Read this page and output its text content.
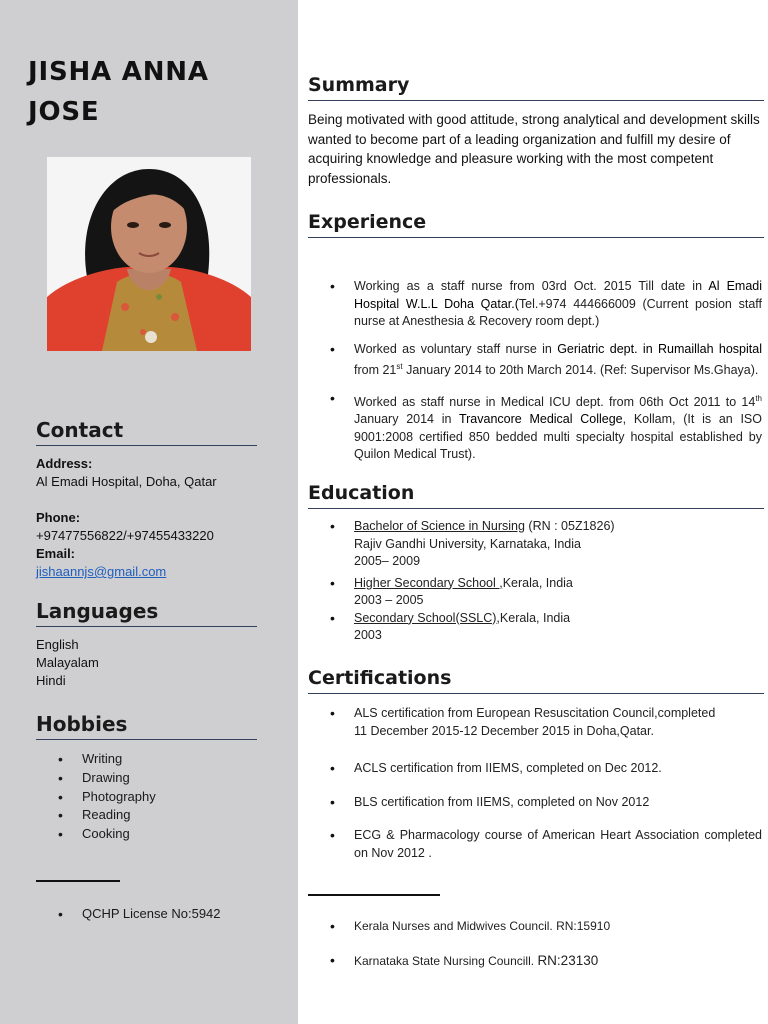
JISHA ANNA JOSE
Contact
Address:
Al Emadi Hospital, Doha, Qatar
Phone:
+97477556822/+97455433220
Email:
jishaannjs@gmail.com
Languages
English
Malayalam
Hindi
Hobbies
• Writing
• Drawing
• Photography
• Reading
• Cooking
• QCHP License No:5942
Summary
Being motivated with good attitude, strong analytical and development skills wanted to become part of a leading organization and fulfill my desire of acquiring knowledge and pleasure working with the most competent professionals.
Experience
• Working as a staff nurse from 03rd Oct. 2015 Till date in Al Emadi Hospital W.L.L Doha Qatar.(Tel.+974 444666009 (Current posion staff nurse at Anesthesia & Recovery room dept.)
• Worked as voluntary staff nurse in Geriatric dept. in Rumaillah hospital from 21st January 2014 to 20th March 2014. (Ref: Supervisor Ms.Ghaya).
• Worked as staff nurse in Medical ICU dept. from 06th Oct 2011 to 14th January 2014 in Travancore Medical College, Kollam, (It is an ISO 9001:2008 certified 850 bedded multi specialty hospital established by Quilon Medical Trust).
Education
• Bachelor of Science in Nursing (RN : 05Z1826)
Rajiv Gandhi University, Karnataka, India
2005– 2009
• Higher Secondary School ,Kerala, India
2003 – 2005
• Secondary School(SSLC),Kerala, India
2003
Certifications
• ALS certification from European Resuscitation Council,completed
11 December 2015-12 December 2015 in Doha,Qatar.
• ACLS certification from IIEMS, completed on Dec 2012.
• BLS certification from IIEMS, completed on Nov 2012
• ECG & Pharmacology course of American Heart Association completed on Nov 2012 .
• Kerala Nurses and Midwives Council. RN:15910
• Karnataka State Nursing Councill. RN:23130
